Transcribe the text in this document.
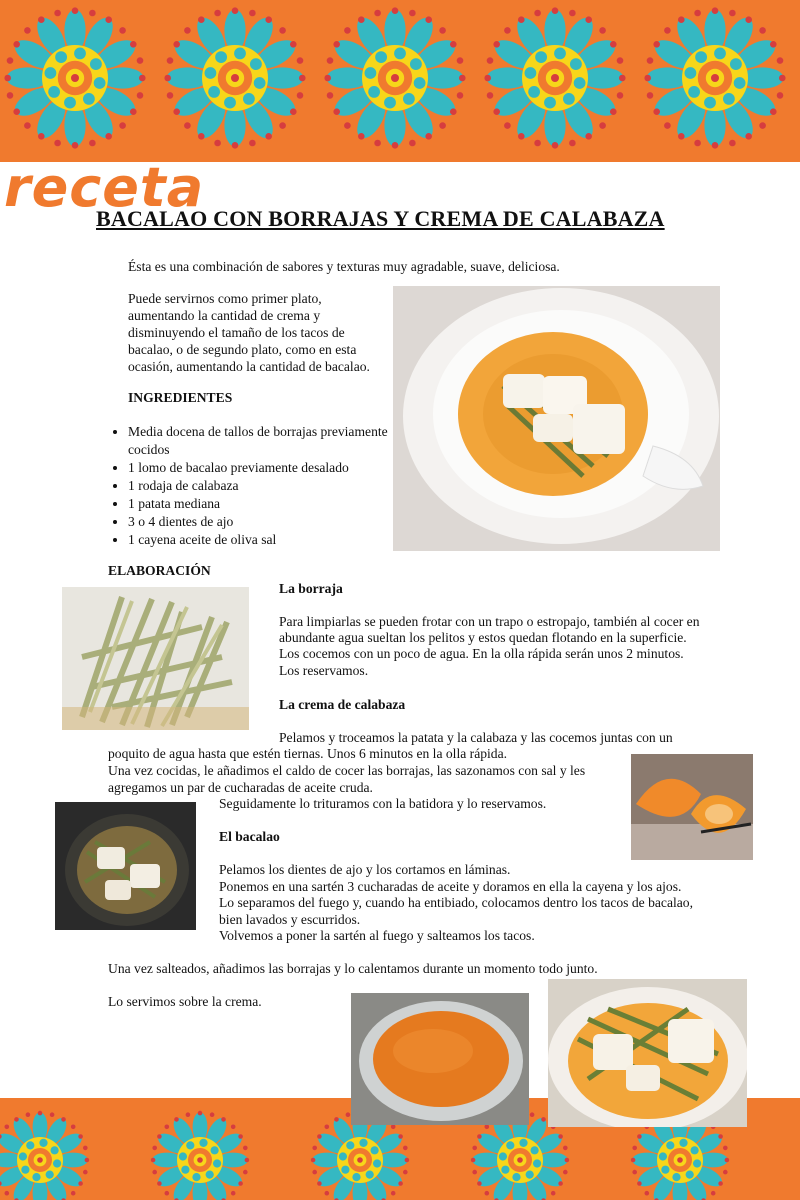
receta
BACALAO CON BORRAJAS Y CREMA DE CALABAZA
Ésta es una combinación de sabores y texturas muy agradable, suave, deliciosa.
Puede servirnos como primer plato,
aumentando la cantidad de crema y
disminuyendo el tamaño de los tacos de
bacalao, o de segundo plato, como en esta
ocasión, aumentando la cantidad de bacalao.
INGREDIENTES
• Media docena de tallos de borrajas previamente cocidos
• 1 lomo de bacalao previamente desalado
• 1 rodaja de calabaza
• 1 patata mediana
• 3 o 4 dientes de ajo
• 1 cayena aceite de oliva sal
ELABORACIÓN
La borraja
Para limpiarlas se pueden frotar con un trapo o estropajo, también al cocer en
abundante agua sueltan los pelitos y estos quedan flotando en la superficie.
Los cocemos con un poco de agua. En la olla rápida serán unos 2 minutos.
Los reservamos.
La crema de calabaza
Pelamos y troceamos la patata y la calabaza y las cocemos juntas con un
poquito de agua hasta que estén tiernas. Unos 6 minutos en la olla rápida.
Una vez cocidas, le añadimos el caldo de cocer las borrajas, las sazonamos con sal y les
agregamos un par de cucharadas de aceite cruda.
Seguidamente lo trituramos con la batidora y lo reservamos.
El bacalao
Pelamos los dientes de ajo y los cortamos en láminas.
Ponemos en una sartén 3 cucharadas de aceite y doramos en ella la cayena y los ajos.
Lo separamos del fuego y, cuando ha entibiado, colocamos dentro los tacos de bacalao,
bien lavados y escurridos.
Volvemos a poner la sartén al fuego y salteamos los tacos.
Una vez salteados, añadimos las borrajas y lo calentamos durante un momento todo junto.
Lo servimos sobre la crema.
